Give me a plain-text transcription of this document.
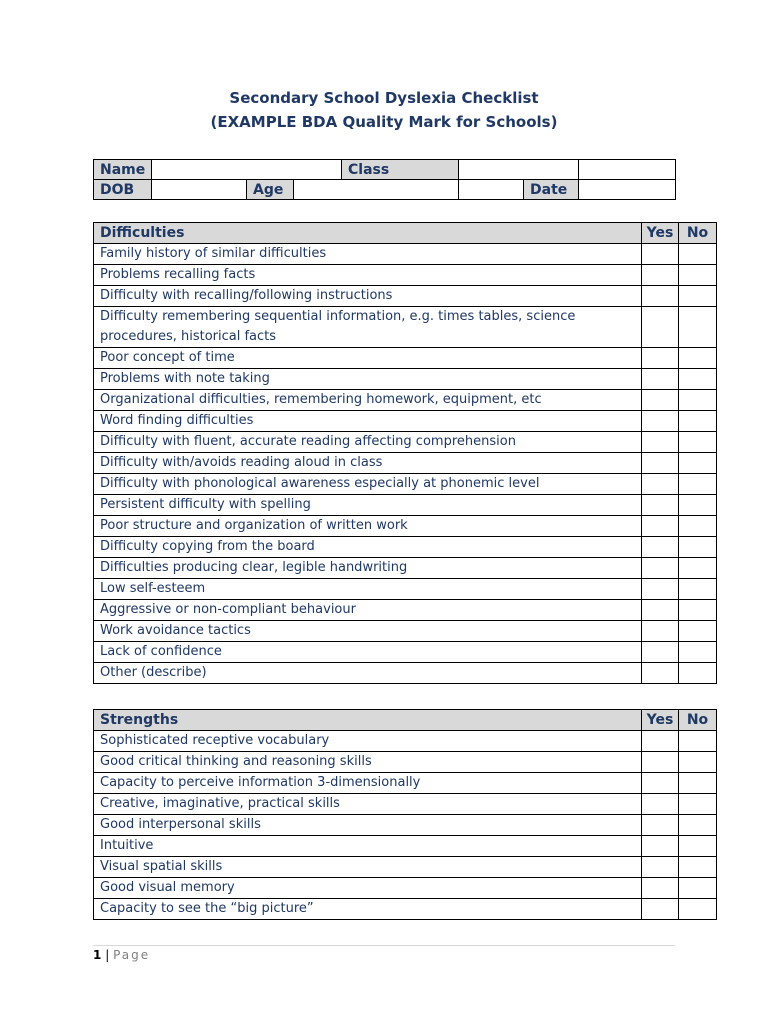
Secondary School Dyslexia Checklist
(EXAMPLE BDA Quality Mark for Schools)
Name				Class			
DOB		Age				Date	
Difficulties	Yes	No
Family history of similar difficulties		
Problems recalling facts		
Difficulty with recalling/following instructions		
Difficulty remembering sequential information, e.g. times tables, science procedures, historical facts		
Poor concept of time		
Problems with note taking		
Organizational difficulties, remembering homework, equipment, etc		
Word finding difficulties		
Difficulty with fluent, accurate reading affecting comprehension		
Difficulty with/avoids reading aloud in class		
Difficulty with phonological awareness especially at phonemic level		
Persistent difficulty with spelling		
Poor structure and organization of written work		
Difficulty copying from the board		
Difficulties producing clear, legible handwriting		
Low self-esteem		
Aggressive or non-compliant behaviour		
Work avoidance tactics		
Lack of confidence		
Other (describe)		
Strengths	Yes	No
Sophisticated receptive vocabulary		
Good critical thinking and reasoning skills		
Capacity to perceive information 3-dimensionally		
Creative, imaginative, practical skills		
Good interpersonal skills		
Intuitive		
Visual spatial skills		
Good visual memory		
Capacity to see the “big picture”		
1 | Page
